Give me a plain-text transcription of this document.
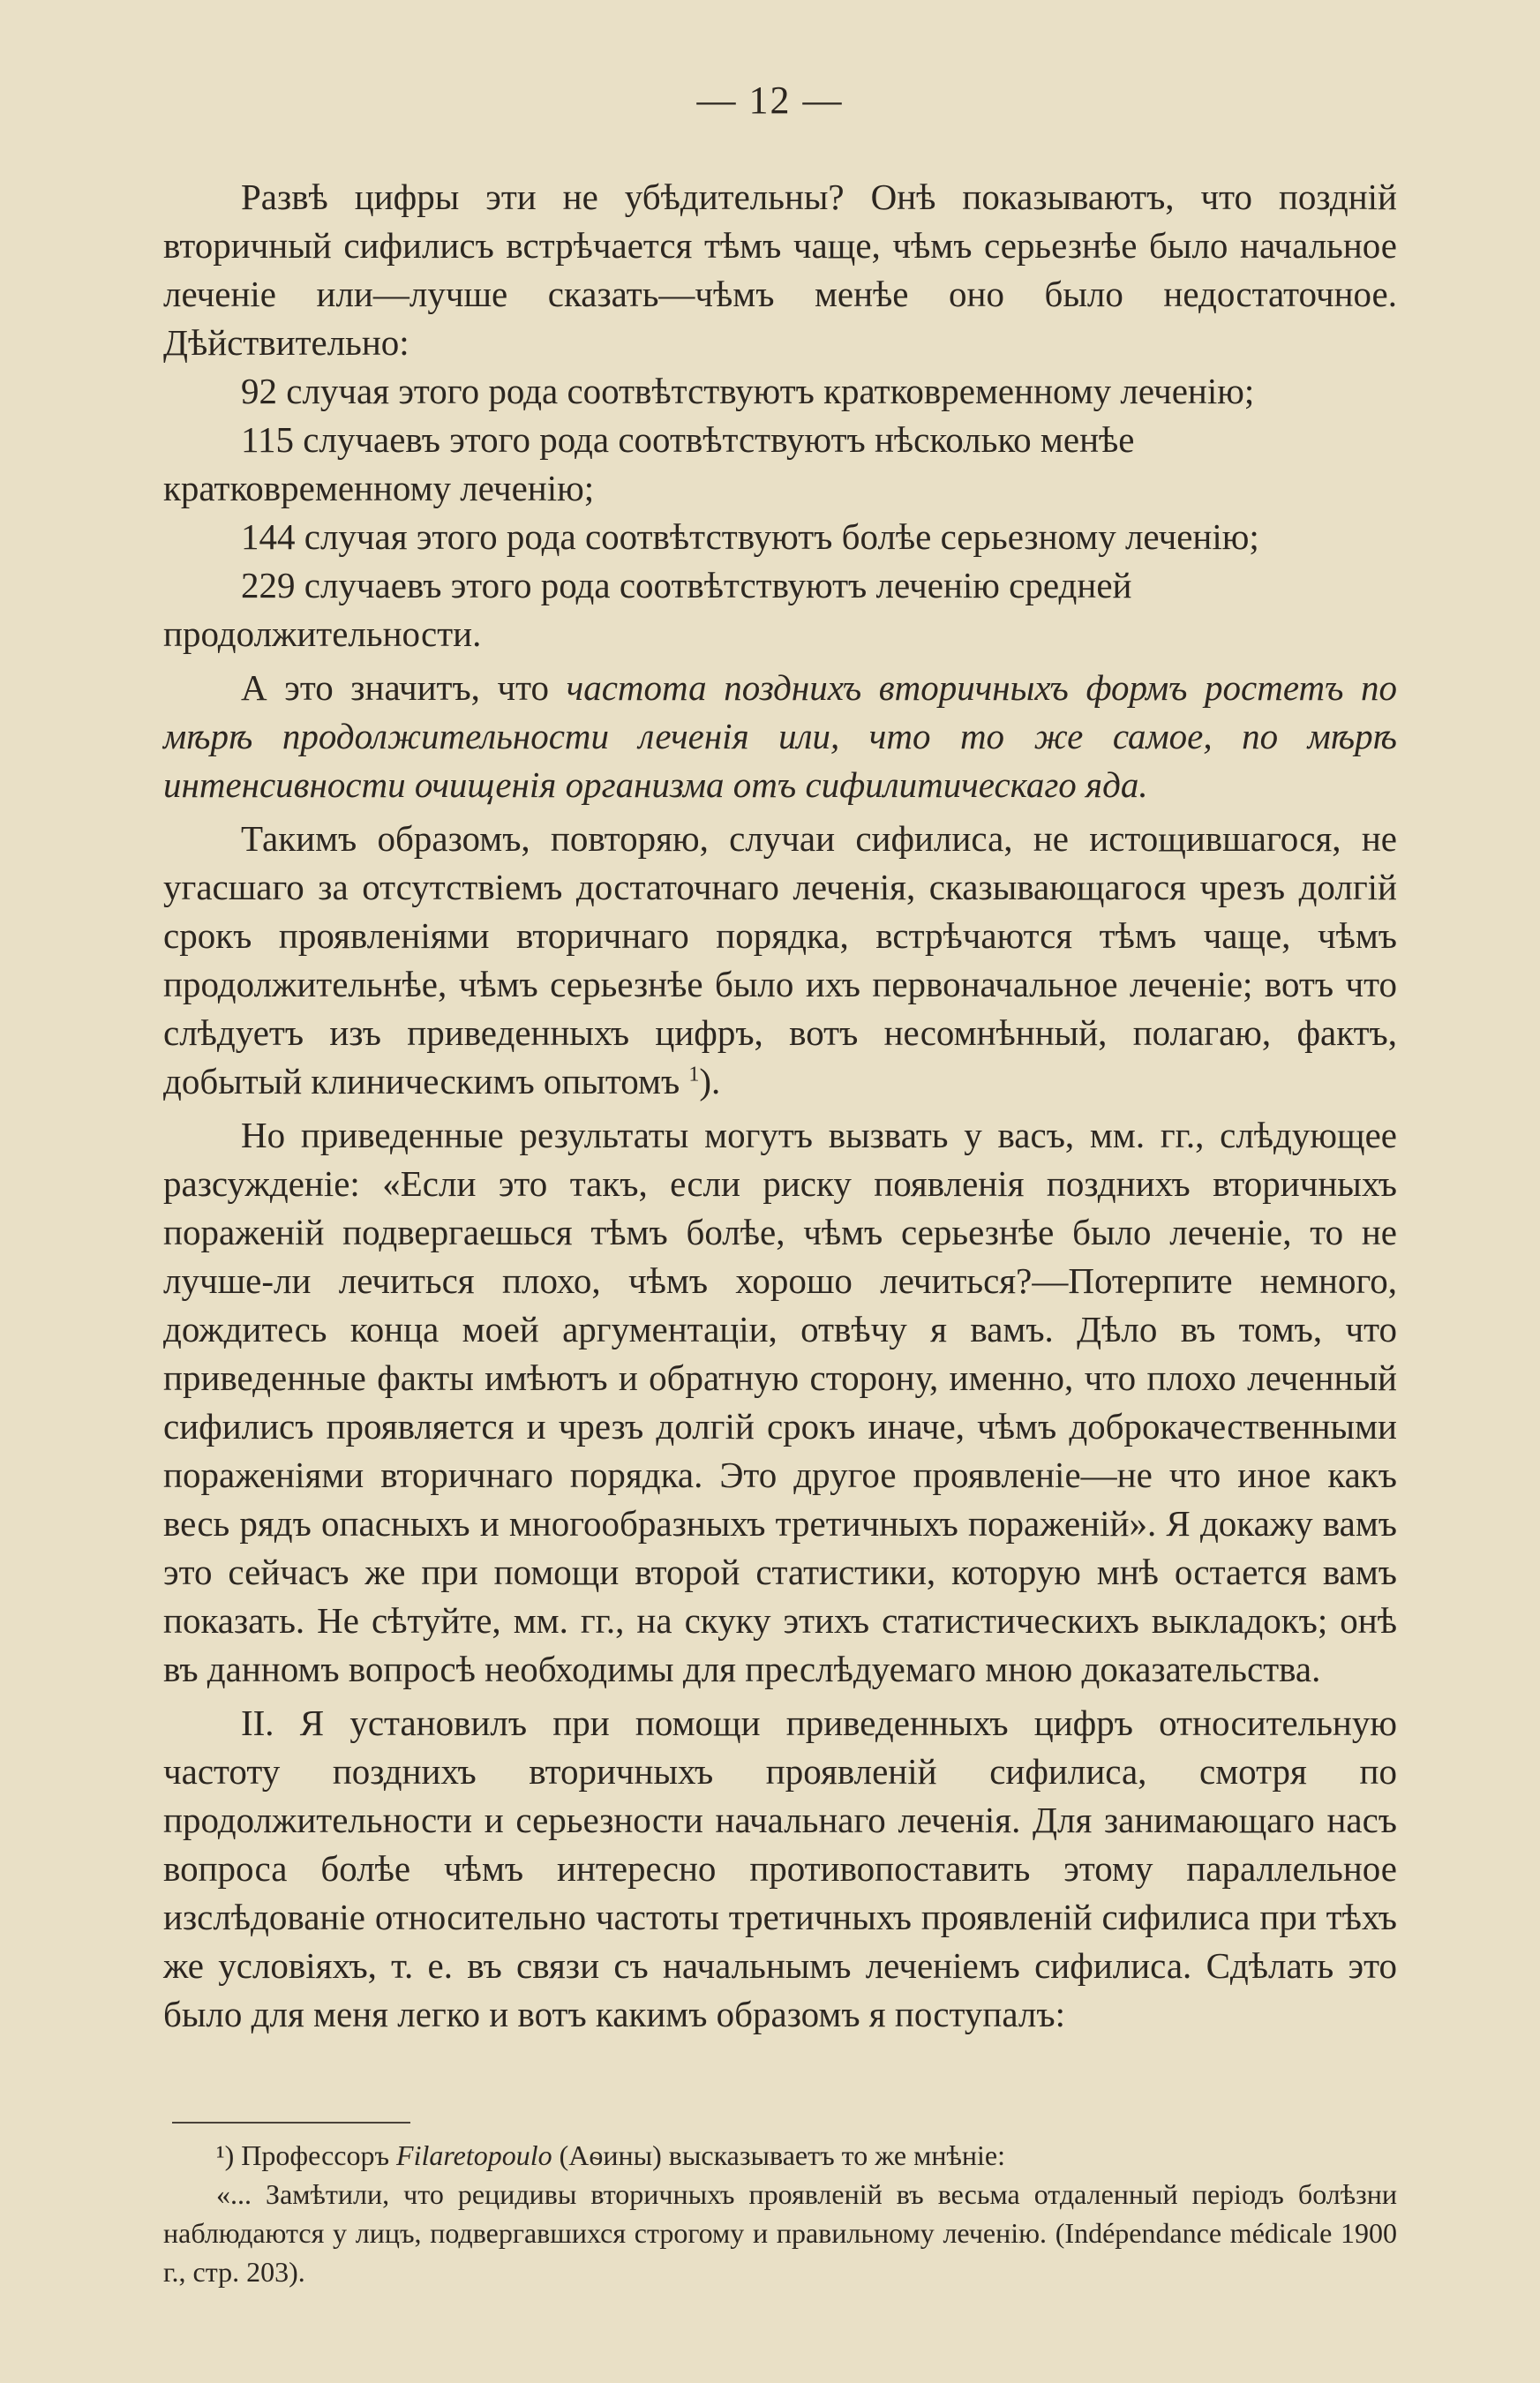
— 12 —

Развѣ цифры эти не убѣдительны? Онѣ показываютъ, что поздній вторичный сифилисъ встрѣчается тѣмъ чаще, чѣмъ серьезнѣе было начальное леченіе или—лучше сказать—чѣмъ менѣе оно было недостаточное. Дѣйствительно:

92 случая этого рода соотвѣтствуютъ кратковременному леченію;
115 случаевъ этого рода соотвѣтствуютъ нѣсколько менѣе кратковременному леченію;
144 случая этого рода соотвѣтствуютъ болѣе серьезному леченію;
229 случаевъ этого рода соотвѣтствуютъ леченію средней продолжительности.

А это значитъ, что частота позднихъ вторичныхъ формъ ростетъ по мѣрѣ продолжительности леченія или, что то же самое, по мѣрѣ интенсивности очищенія организма отъ сифилитическаго яда.

Такимъ образомъ, повторяю, случаи сифилиса, не истощившагося, не угасшаго за отсутствіемъ достаточнаго леченія, сказывающагося чрезъ долгій срокъ проявленіями вторичнаго порядка, встрѣчаются тѣмъ чаще, чѣмъ продолжительнѣе, чѣмъ серьезнѣе было ихъ первоначальное леченіе; вотъ что слѣдуетъ изъ приведенныхъ цифръ, вотъ несомнѣнный, полагаю, фактъ, добытый клиническимъ опытомъ $^1$).

Но приведенные результаты могутъ вызвать у васъ, мм. гг., слѣдующее разсужденіе: «Если это такъ, если риску появленія позднихъ вторичныхъ пораженій подвергаешься тѣмъ болѣе, чѣмъ серьезнѣе было леченіе, то не лучше-ли лечиться плохо, чѣмъ хорошо лечиться?—Потерпите немного, дождитесь конца моей аргументаціи, отвѣчу я вамъ. Дѣло въ томъ, что приведенные факты имѣютъ и обратную сторону, именно, что плохо леченный сифилисъ проявляется и чрезъ долгій срокъ иначе, чѣмъ доброкачественными пораженіями вторичнаго порядка. Это другое проявленіе—не что иное какъ весь рядъ опасныхъ и многообразныхъ третичныхъ пораженій». Я докажу вамъ это сейчасъ же при помощи второй статистики, которую мнѣ остается вамъ показать. Не сѣтуйте, мм. гг., на скуку этихъ статистическихъ выкладокъ; онѣ въ данномъ вопросѣ необходимы для преслѣдуемаго мною доказательства.

II. Я установилъ при помощи приведенныхъ цифръ относительную частоту позднихъ вторичныхъ проявленій сифилиса, смотря по продолжительности и серьезности начальнаго леченія. Для занимающаго насъ вопроса болѣе чѣмъ интересно противопоставить этому параллельное изслѣдованіе относительно частоты третичныхъ проявленій сифилиса при тѣхъ же условіяхъ, т. е. въ связи съ начальнымъ леченіемъ сифилиса. Сдѣлать это было для меня легко и вотъ какимъ образомъ я поступалъ:

¹) Профессоръ Filaretopoulo (Аѳины) высказываетъ то же мнѣніе:

«... Замѣтили, что рецидивы вторичныхъ проявленій въ весьма отдаленный періодъ болѣзни наблюдаются у лицъ, подвергавшихся строгому и правильному леченію. (Indépendance médicale 1900 г., стр. 203).
